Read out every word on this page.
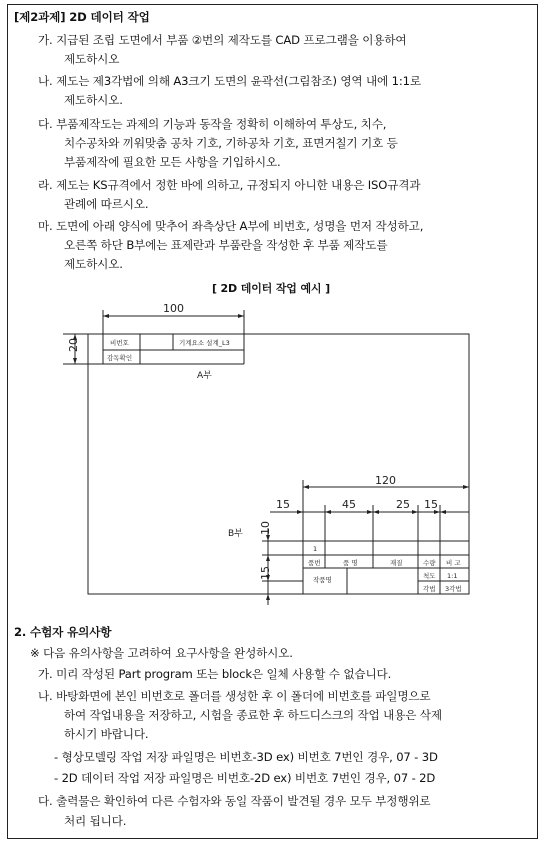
[제2과제] 2D 데이터 작업
가. 지급된 조립 도면에서 부품 ②번의 제작도를 CAD 프로그램을 이용하여
제도하시오
나. 제도는 제3각법에 의해 A3크기 도면의 윤곽선(그림참조) 영역 내에 1:1로
제도하시오.
다. 부품제작도는 과제의 기능과 동작을 정확히 이해하여 투상도, 치수,
치수공차와 끼워맞춤 공차 기호, 기하공차 기호, 표면거칠기 기호 등
부품제작에 필요한 모든 사항을 기입하시오.
라. 제도는 KS규격에서 정한 바에 의하고, 규정되지 아니한 내용은 ISO규격과
관례에 따르시오.
마. 도면에 아래 양식에 맞추어 좌측상단 A부에 비번호, 성명을 먼저 작성하고,
오른쪽 하단 B부에는 표제란과 부품란을 작성한 후 부품 제작도를
제도하시오.
[ 2D 데이터 작업 예시 ]
100
20
120
15	45	25 15
10
15
비번호	기계요소 설계_L3
감독확인
1
품번	품 명	재질	수량 비 고
작품명	척도 1:1
각법 3각법
A부
B부
2. 수험자 유의사항
※ 다음 유의사항을 고려하여 요구사항을 완성하시오.
가. 미리 작성된 Part program 또는 block은 일체 사용할 수 없습니다.
나. 바탕화면에 본인 비번호로 폴더를 생성한 후 이 폴더에 비번호를 파일명으로
하여 작업내용을 저장하고, 시험을 종료한 후 하드디스크의 작업 내용은 삭제
하시기 바랍니다.
- 형상모델링 작업 저장 파일명은 비번호-3D ex) 비번호 7번인 경우, 07 - 3D
- 2D 데이터 작업 저장 파일명은 비번호-2D ex) 비번호 7번인 경우, 07 - 2D
다. 출력물은 확인하여 다른 수험자와 동일 작품이 발견될 경우 모두 부정행위로
처리 됩니다.
